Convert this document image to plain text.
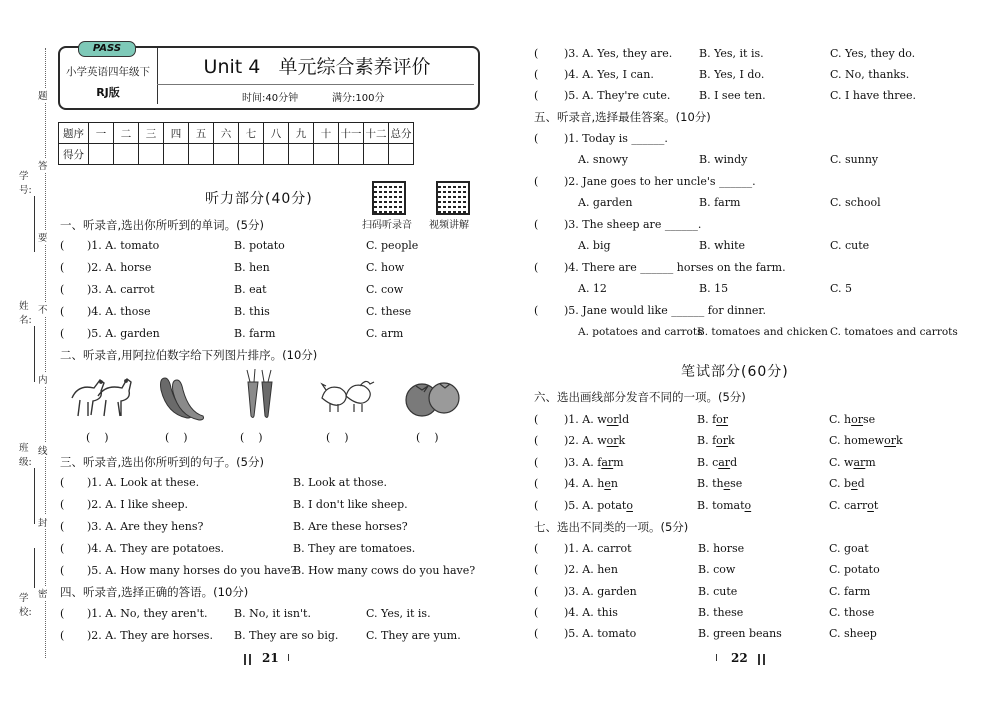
学号:
姓名:
班级:
学校:
题
答
要
不
内
线
封
密
PASS
小学英语四年级下
RJ版
Unit 4   单元综合素养评价
时间:40分钟	满分:100分
题序	一	二	三	四	五	六	七	八	九	十	十一	十二	总分
得分													
听力部分(40分)
扫码听录音 视频讲解
一、听录音,选出你所听到的单词。(5分)
( )1. A. tomato	B. potato	C. people
( )2. A. horse	B. hen	C. how
( )3. A. carrot	B. eat	C. cow
( )4. A. those	B. this	C. these
( )5. A. garden	B. farm	C. arm
二、听录音,用阿拉伯数字给下列图片排序。(10分)
(    )	(    )	(    )	(    )	(    )
三、听录音,选出你所听到的句子。(5分)
( )1. A. Look at these.	B. Look at those.
( )2. A. I like sheep.	B. I don't like sheep.
( )3. A. Are they hens?	B. Are these horses?
( )4. A. They are potatoes.	B. They are tomatoes.
( )5. A. How many horses do you have?
B. How many cows do you have?
四、听录音,选择正确的答语。(10分)
( )1. A. No, they aren't. B. No, it isn't.	C. Yes, it is.
( )2. A. They are horses. B. They are so big.	C. They are yum.
21
( )3. A. Yes, they are. B. Yes, it is.	C. Yes, they do.
( )4. A. Yes, I can.	B. Yes, I do.	C. No, thanks.
( )5. A. They're cute.	B. I see ten.	C. I have three.
五、听录音,选择最佳答案。(10分)
( )1. Today is ______.
A. snowy	B. windy	C. sunny
( )2. Jane goes to her uncle's ______.
A. garden	B. farm	C. school
( )3. The sheep are ______.
A. big	B. white	C. cute
( )4. There are ______ horses on the farm.
A. 12	B. 15	C. 5
( )5. Jane would like ______ for dinner.
A. potatoes and carrots
B. tomatoes and chicken C. tomatoes and carrots
笔试部分(60分)
六、选出画线部分发音不同的一项。(5分)
( )1. A. world	B. for	C. horse
( )2. A. work	B. fork	C. homework
( )3. A. farm	B. card	C. warm
( )4. A. hen	B. these	C. bed
( )5. A. potato	B. tomato	C. carrot
七、选出不同类的一项。(5分)
( )1. A. carrot	B. horse	C. goat
( )2. A. hen	B. cow	C. potato
( )3. A. garden	B. cute	C. farm
( )4. A. this	B. these	C. those
( )5. A. tomato	B. green beans	C. sheep
22
